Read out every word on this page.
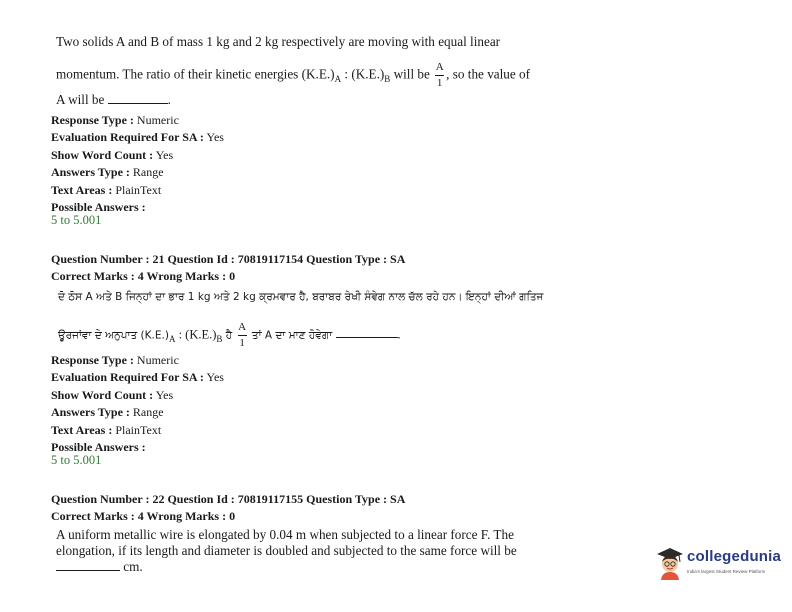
Two solids A and B of mass 1 kg and 2 kg respectively are moving with equal linear
momentum. The ratio of their kinetic energies $(K.E.)_A$ : $(K.E.)_B$ will be $\frac{A}{1}$ , so the value of
A will be	.
Response Type : Numeric
Evaluation Required For SA : Yes
Show Word Count : Yes
Answers Type : Range
Text Areas : PlainText
Possible Answers :
5 to 5.001
Question Number : 21 Question Id : 70819117154 Question Type : SA
Correct Marks : 4 Wrong Marks : 0
ਦੋ ਠੋਸ A ਅਤੇ B ਜਿਨ੍ਹਾਂ ਦਾ ਭਾਰ 1 kg ਅਤੇ 2 kg ਕ੍ਰਮਵਾਰ ਹੈ, ਬਰਾਬਰ ਰੇਖੀ ਸੰਵੇਗ ਨਾਲ ਚੱਲ ਰਹੇ ਹਨ। ਇਨ੍ਹਾਂ ਦੀਆਂ ਗਤਿਜ
ਊਰਜਾਂਵਾ ਦੇ ਅਨੁਪਾਤ $(K.E.)_A$ : $(K.E.)_B$ ਹੈ $\frac{A}{1}$ ਤਾਂ A ਦਾ ਮਾਣ ਹੋਵੇਗਾ	.
Response Type : Numeric
Evaluation Required For SA : Yes
Show Word Count : Yes
Answers Type : Range
Text Areas : PlainText
Possible Answers :
5 to 5.001
Question Number : 22 Question Id : 70819117155 Question Type : SA
Correct Marks : 4 Wrong Marks : 0
A uniform metallic wire is elongated by 0.04 m when subjected to a linear force F. The
elongation, if its length and diameter is doubled and subjected to the same force will be
cm.
collegedunia
India's largest Student Review Platform
